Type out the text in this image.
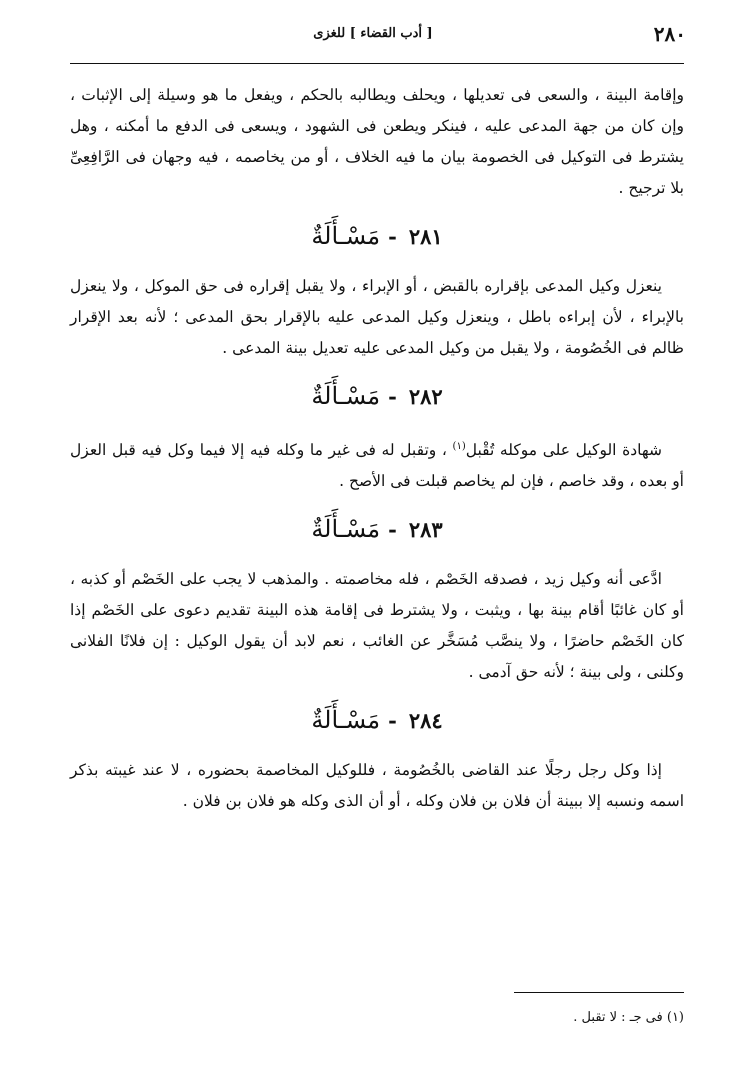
٢٨٠
[ أدب القضاء ] للغزى

وإقامة البينة ، والسعى فى تعديلها ، ويحلف ويطالبه بالحكم ، ويفعل ما هو وسيلة إلى الإثبات ، وإن كان من جهة المدعى عليه ، فينكر ويطعن فى الشهود ، ويسعى فى الدفع ما أمكنه ، وهل يشترط فى التوكيل فى الخصومة بيان ما فيه الخلاف ، أو من يخاصمه ، فيه وجهان فى الرَّافِعِىِّ بلا ترجيح .

٢٨١-مَسْـأَلَةٌ

ينعزل وكيل المدعى بإقراره بالقبض ، أو الإبراء ، ولا يقبل إقراره فى حق الموكل ، ولا ينعزل بالإبراء ، لأن إبراءه باطل ، وينعزل وكيل المدعى عليه بالإقرار بحق المدعى ؛ لأنه بعد الإقرار ظالم فى الخُصُومة ، ولا يقبل من وكيل المدعى عليه تعديل بينة المدعى .

٢٨٢-مَسْـأَلَةٌ

شهادة الوكيل على موكله تُقْبل$^{(١)}$ ، وتقبل له فى غير ما وكله فيه إلا فيما وكل فيه قبل العزل أو بعده ، وقد خاصم ، فإن لم يخاصم قبلت فى الأصح .

٢٨٣-مَسْـأَلَةٌ

ادَّعى أنه وكيل زيد ، فصدقه الخَصْم ، فله مخاصمته . والمذهب لا يجب على الخَصْم أو كذبه ، أو كان غائبًا أقام بينة بها ، ويثبت ، ولا يشترط فى إقامة هذه البينة تقديم دعوى على الخَصْم إذا كان الخَصْم حاضرًا ، ولا ينصَّب مُسَخَّر عن الغائب ، نعم لابد أن يقول الوكيل : إن فلانًا الفلانى وكلنى ، ولى بينة ؛ لأنه حق آدمى .

٢٨٤-مَسْـأَلَةٌ

إذا وكل رجل رجلًا عند القاضى بالخُصُومة ، فللوكيل المخاصمة بحضوره ، لا عند غيبته بذكر اسمه ونسبه إلا ببينة أن فلان بن فلان وكله ، أو أن الذى وكله هو فلان بن فلان .

(١) فى جـ : لا تقبل .
